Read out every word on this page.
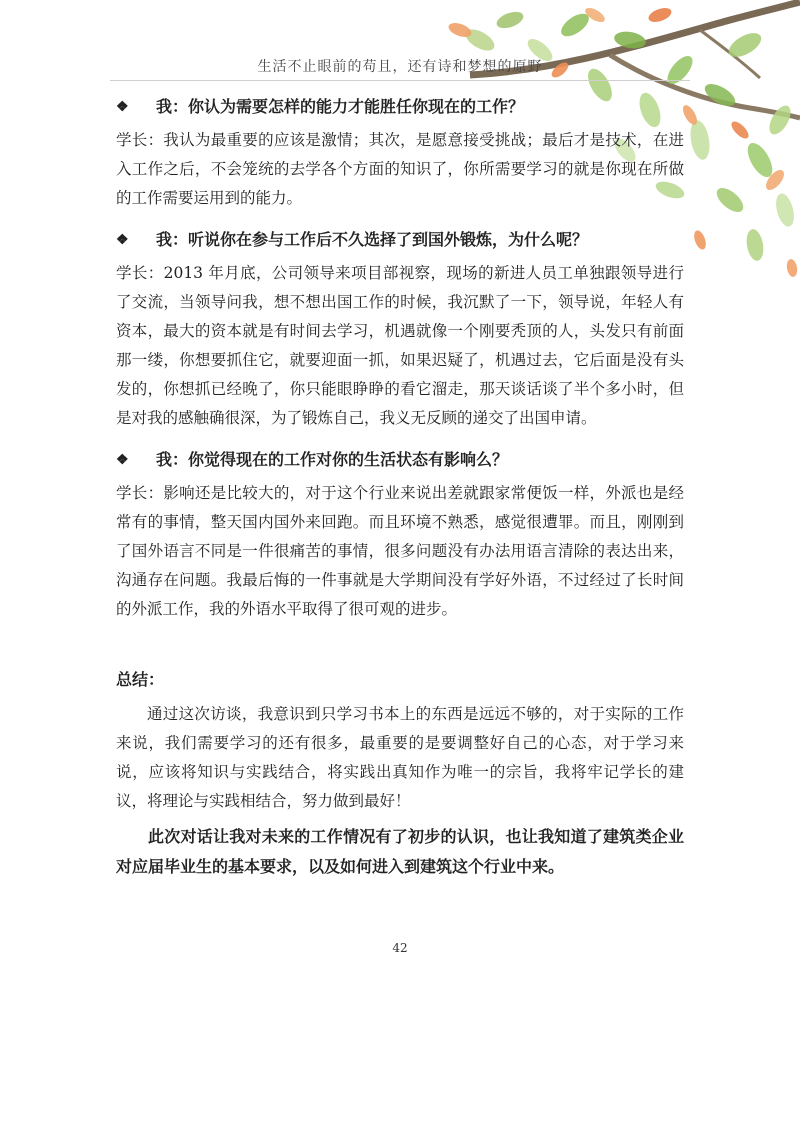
生活不止眼前的苟且，还有诗和梦想的原野
❖	我：你认为需要怎样的能力才能胜任你现在的工作？

学长：我认为最重要的应该是激情；其次，是愿意接受挑战；最后才是技术，在进入工作之后，不会笼统的去学各个方面的知识了，你所需要学习的就是你现在所做的工作需要运用到的能力。

❖	我：听说你在参与工作后不久选择了到国外锻炼，为什么呢？

学长：2013 年月底，公司领导来项目部视察，现场的新进人员工单独跟领导进行了交流，当领导问我，想不想出国工作的时候，我沉默了一下，领导说，年轻人有资本，最大的资本就是有时间去学习，机遇就像一个刚要秃顶的人，头发只有前面那一缕，你想要抓住它，就要迎面一抓，如果迟疑了，机遇过去，它后面是没有头发的，你想抓已经晚了，你只能眼睁睁的看它溜走，那天谈话谈了半个多小时，但是对我的感触确很深，为了锻炼自己，我义无反顾的递交了出国申请。

❖	我：你觉得现在的工作对你的生活状态有影响么？

学长：影响还是比较大的，对于这个行业来说出差就跟家常便饭一样，外派也是经常有的事情，整天国内国外来回跑。而且环境不熟悉，感觉很遭罪。而且，刚刚到了国外语言不同是一件很痛苦的事情，很多问题没有办法用语言清除的表达出来，沟通存在问题。我最后悔的一件事就是大学期间没有学好外语，不过经过了长时间的外派工作，我的外语水平取得了很可观的进步。

总结：

通过这次访谈，我意识到只学习书本上的东西是远远不够的，对于实际的工作来说，我们需要学习的还有很多，最重要的是要调整好自己的心态，对于学习来说，应该将知识与实践结合，将实践出真知作为唯一的宗旨，我将牢记学长的建议，将理论与实践相结合，努力做到最好！

此次对话让我对未来的工作情况有了初步的认识，也让我知道了建筑类企业对应届毕业生的基本要求，以及如何进入到建筑这个行业中来。

42
